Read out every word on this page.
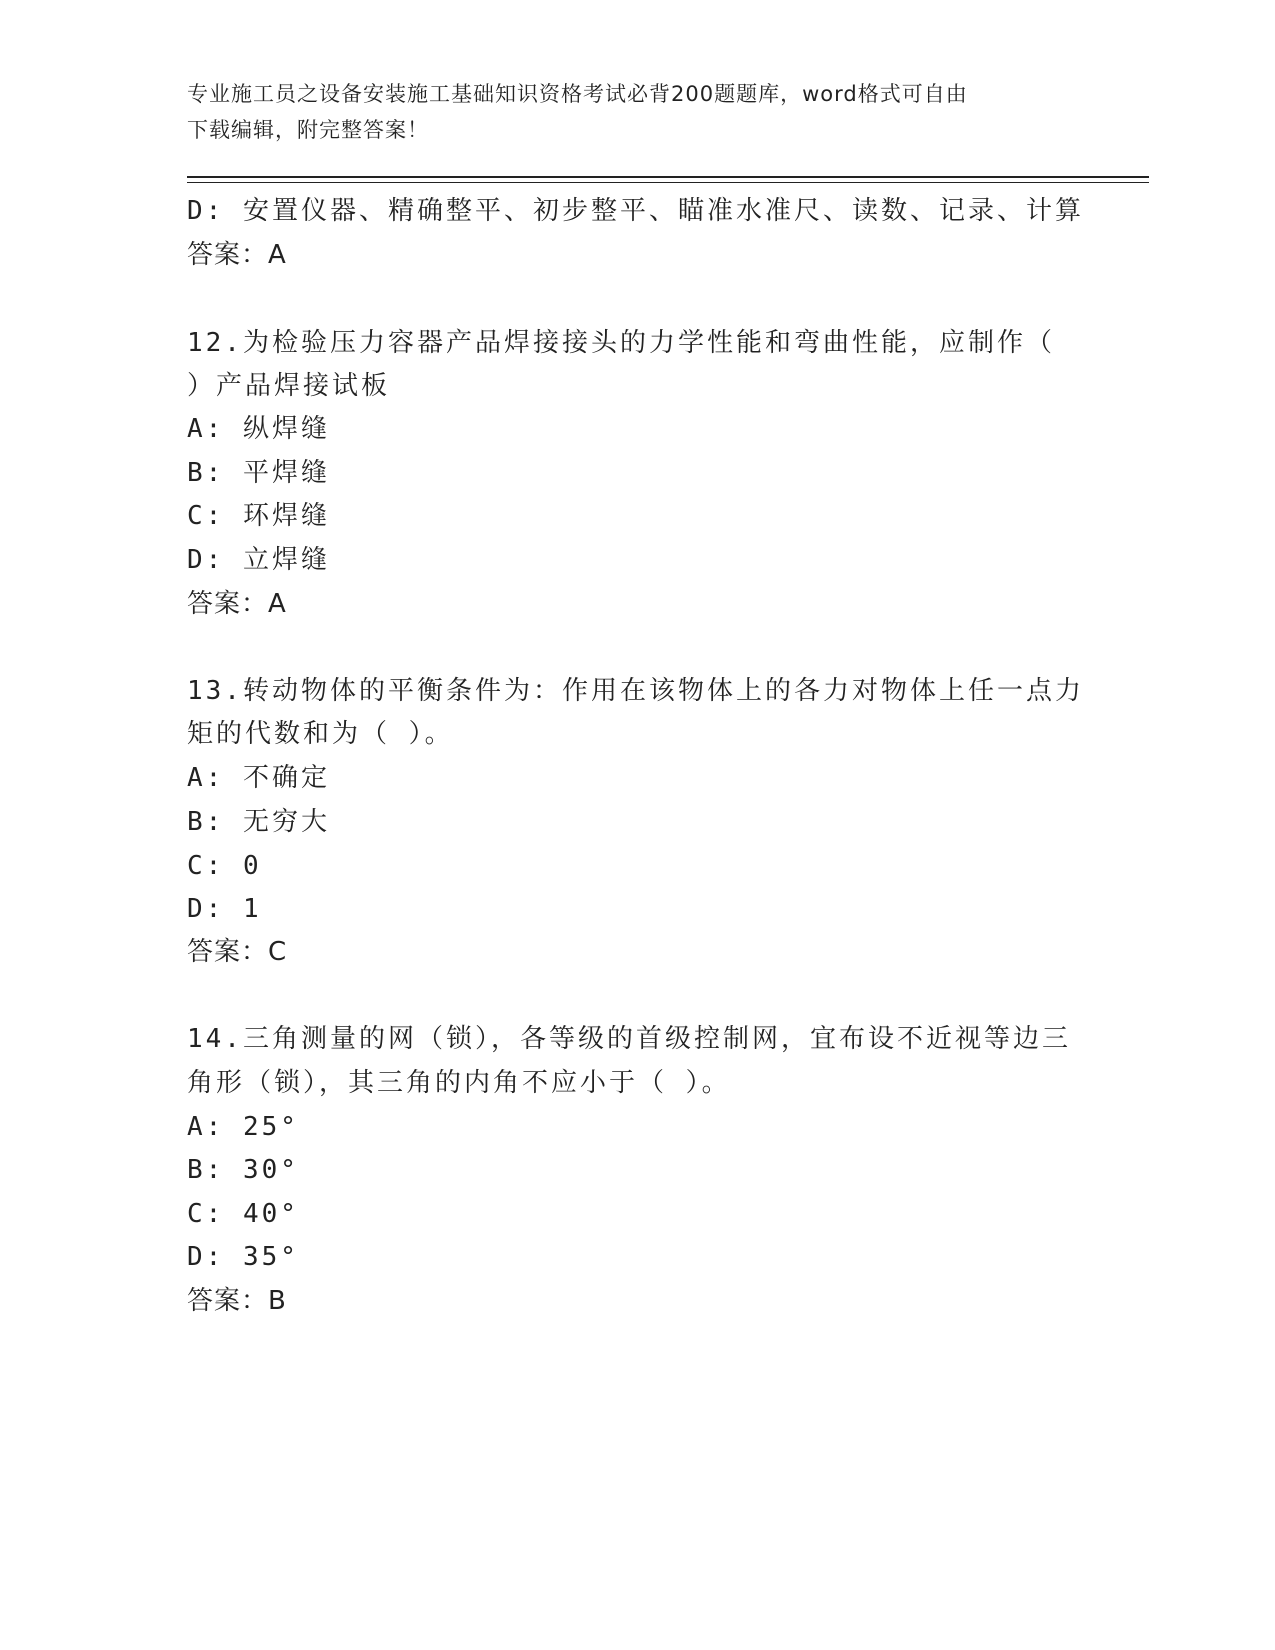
专业施工员之设备安装施工基础知识资格考试必背200题题库，word格式可自由
下载编辑，附完整答案！
D: 安置仪器、精确整平、初步整平、瞄准水准尺、读数、记录、计算
答案：A
12.为检验压力容器产品焊接接头的力学性能和弯曲性能，应制作（
）产品焊接试板
A: 纵焊缝
B: 平焊缝
C: 环焊缝
D: 立焊缝
答案：A
13.转动物体的平衡条件为：作用在该物体上的各力对物体上任一点力
矩的代数和为（ ）。
A: 不确定
B: 无穷大
C: 0
D: 1
答案：C
14.三角测量的网（锁），各等级的首级控制网，宜布设不近视等边三
角形（锁），其三角的内角不应小于（ ）。
A: 25°
B: 30°
C: 40°
D: 35°
答案：B
